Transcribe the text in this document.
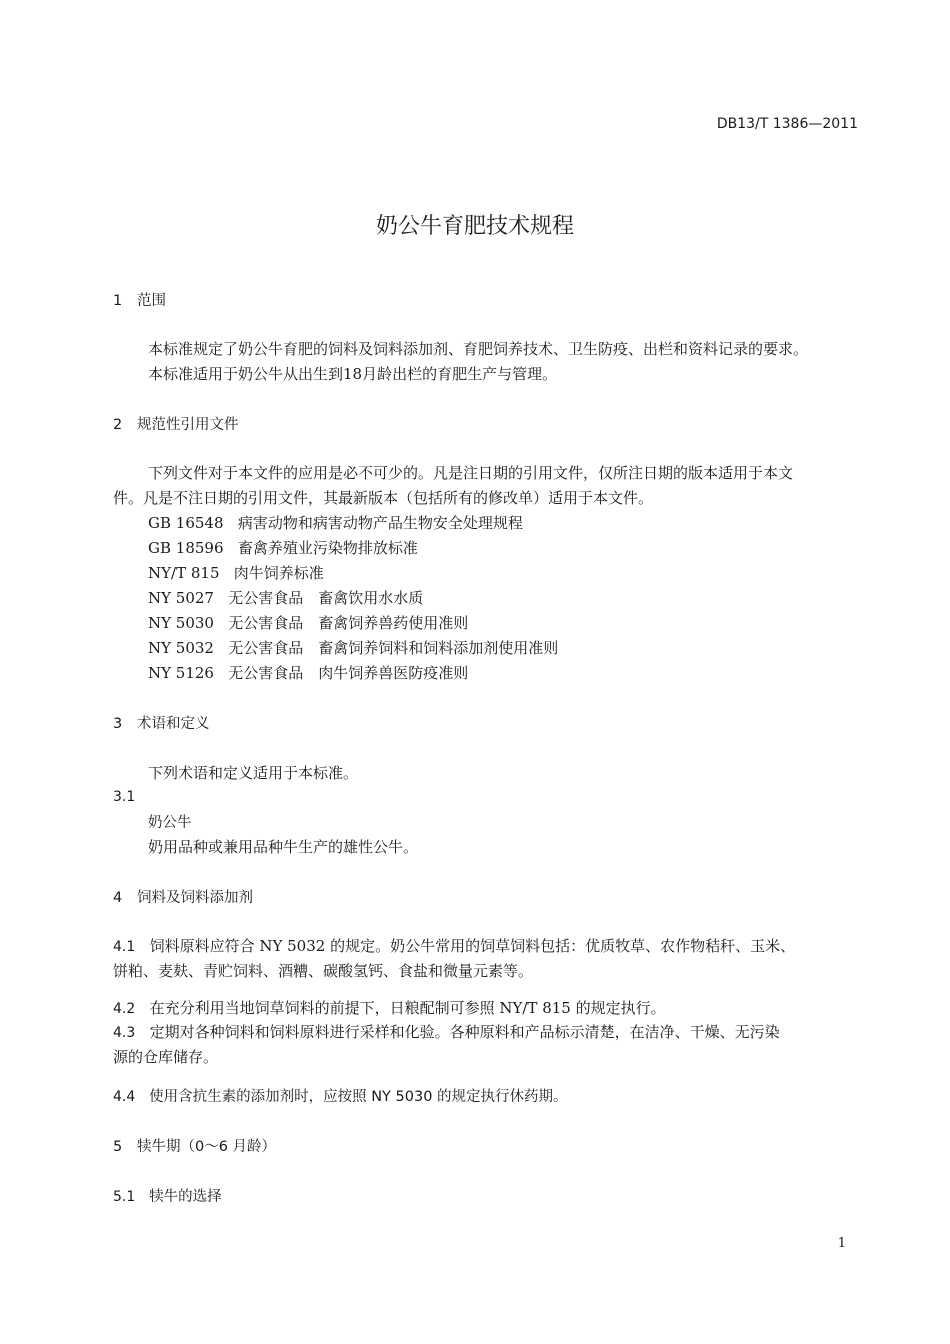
DB13/T 1386—2011
奶公牛育肥技术规程
1 范围
本标准规定了奶公牛育肥的饲料及饲料添加剂、育肥饲养技术、卫生防疫、出栏和资料记录的要求。
本标准适用于奶公牛从出生到18月龄出栏的育肥生产与管理。
2 规范性引用文件
下列文件对于本文件的应用是必不可少的。凡是注日期的引用文件，仅所注日期的版本适用于本文
件。凡是不注日期的引用文件，其最新版本（包括所有的修改单）适用于本文件。
GB 16548 病害动物和病害动物产品生物安全处理规程
GB 18596 畜禽养殖业污染物排放标准
NY/T 815 肉牛饲养标准
NY 5027 无公害食品　畜禽饮用水水质
NY 5030 无公害食品　畜禽饲养兽药使用准则
NY 5032 无公害食品　畜禽饲养饲料和饲料添加剂使用准则
NY 5126 无公害食品　肉牛饲养兽医防疫准则
3 术语和定义
下列术语和定义适用于本标准。
3.1
奶公牛
奶用品种或兼用品种牛生产的雄性公牛。
4 饲料及饲料添加剂
4.1 饲料原料应符合 NY 5032 的规定。奶公牛常用的饲草饲料包括：优质牧草、农作物秸秆、玉米、
饼粕、麦麸、青贮饲料、酒糟、碳酸氢钙、食盐和微量元素等。
4.2 在充分利用当地饲草饲料的前提下，日粮配制可参照 NY/T 815 的规定执行。
4.3 定期对各种饲料和饲料原料进行采样和化验。各种原料和产品标示清楚，在洁净、干燥、无污染
源的仓库储存。
4.4 使用含抗生素的添加剂时，应按照 NY 5030 的规定执行休药期。
5 犊牛期（0～6 月龄）
5.1 犊牛的选择
1
